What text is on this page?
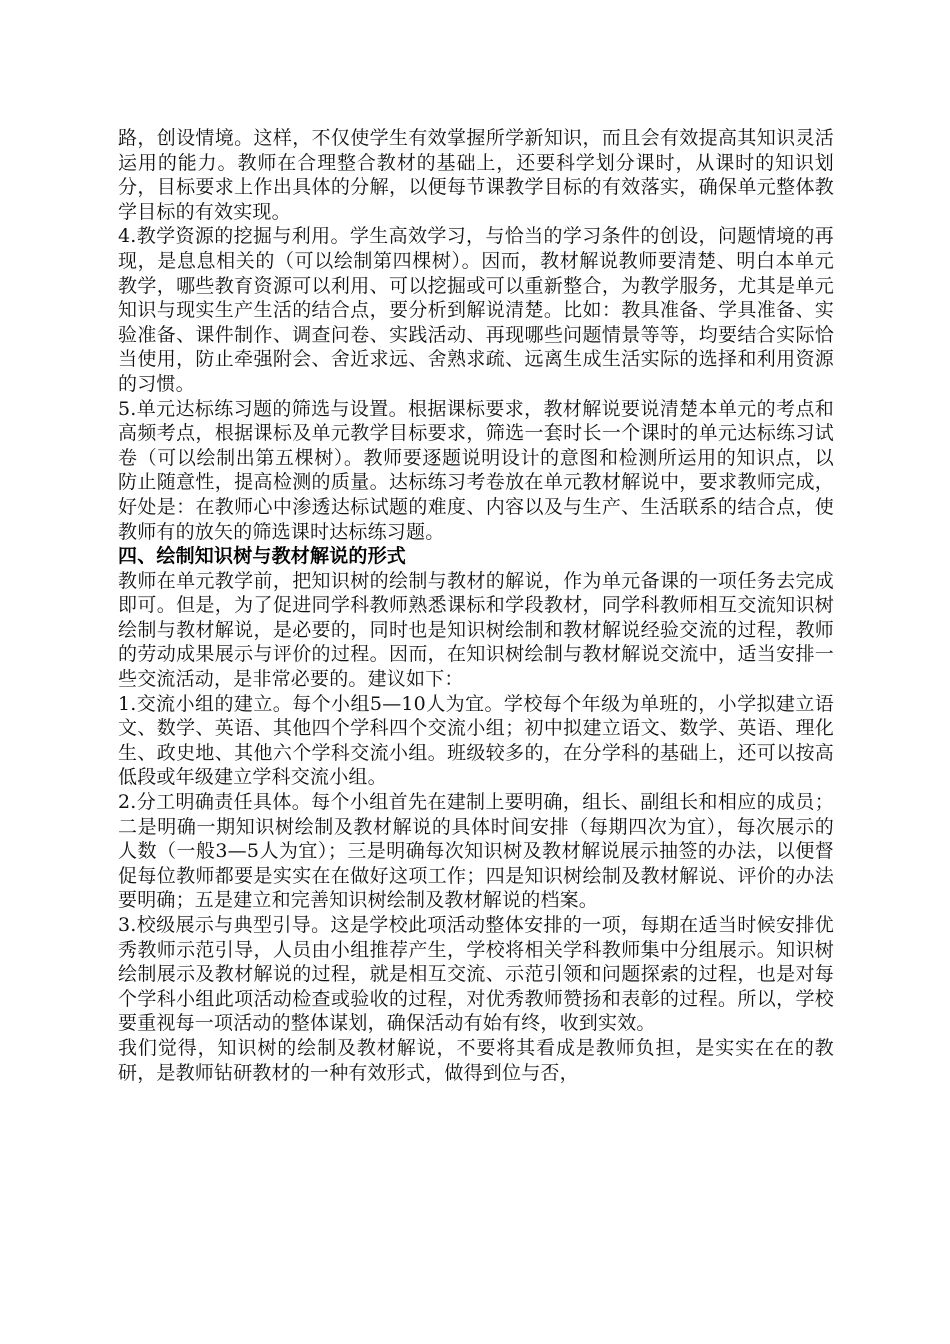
路，创设情境。这样，不仅使学生有效掌握所学新知识，而且会有效提高其知识灵活运用的能力。教师在合理整合教材的基础上，还要科学划分课时，从课时的知识划分，目标要求上作出具体的分解，以便每节课教学目标的有效落实，确保单元整体教学目标的有效实现。

4.教学资源的挖掘与利用。学生高效学习，与恰当的学习条件的创设，问题情境的再现，是息息相关的（可以绘制第四棵树）。因而，教材解说教师要清楚、明白本单元教学，哪些教育资源可以利用、可以挖掘或可以重新整合，为教学服务，尤其是单元知识与现实生产生活的结合点，要分析到解说清楚。比如：教具准备、学具准备、实验准备、课件制作、调查问卷、实践活动、再现哪些问题情景等等，均要结合实际恰当使用，防止牵强附会、舍近求远、舍熟求疏、远离生成生活实际的选择和利用资源的习惯。

5.单元达标练习题的筛选与设置。根据课标要求，教材解说要说清楚本单元的考点和高频考点，根据课标及单元教学目标要求，筛选一套时长一个课时的单元达标练习试卷（可以绘制出第五棵树）。教师要逐题说明设计的意图和检测所运用的知识点，以防止随意性，提高检测的质量。达标练习考卷放在单元教材解说中，要求教师完成，好处是：在教师心中渗透达标试题的难度、内容以及与生产、生活联系的结合点，使教师有的放矢的筛选课时达标练习题。

四、绘制知识树与教材解说的形式

教师在单元教学前，把知识树的绘制与教材的解说，作为单元备课的一项任务去完成即可。但是，为了促进同学科教师熟悉课标和学段教材，同学科教师相互交流知识树绘制与教材解说，是必要的，同时也是知识树绘制和教材解说经验交流的过程，教师的劳动成果展示与评价的过程。因而，在知识树绘制与教材解说交流中，适当安排一些交流活动，是非常必要的。建议如下：

1.交流小组的建立。每个小组5—10人为宜。学校每个年级为单班的，小学拟建立语文、数学、英语、其他四个学科四个交流小组；初中拟建立语文、数学、英语、理化生、政史地、其他六个学科交流小组。班级较多的，在分学科的基础上，还可以按高低段或年级建立学科交流小组。

2.分工明确责任具体。每个小组首先在建制上要明确，组长、副组长和相应的成员；二是明确一期知识树绘制及教材解说的具体时间安排（每期四次为宜），每次展示的人数（一般3—5人为宜）；三是明确每次知识树及教材解说展示抽签的办法，以便督促每位教师都要是实实在在做好这项工作；四是知识树绘制及教材解说、评价的办法要明确；五是建立和完善知识树绘制及教材解说的档案。

3.校级展示与典型引导。这是学校此项活动整体安排的一项，每期在适当时候安排优秀教师示范引导，人员由小组推荐产生，学校将相关学科教师集中分组展示。知识树绘制展示及教材解说的过程，就是相互交流、示范引领和问题探索的过程，也是对每个学科小组此项活动检查或验收的过程，对优秀教师赞扬和表彰的过程。所以，学校要重视每一项活动的整体谋划，确保活动有始有终，收到实效。

我们觉得，知识树的绘制及教材解说，不要将其看成是教师负担，是实实在在的教研，是教师钻研教材的一种有效形式，做得到位与否，
